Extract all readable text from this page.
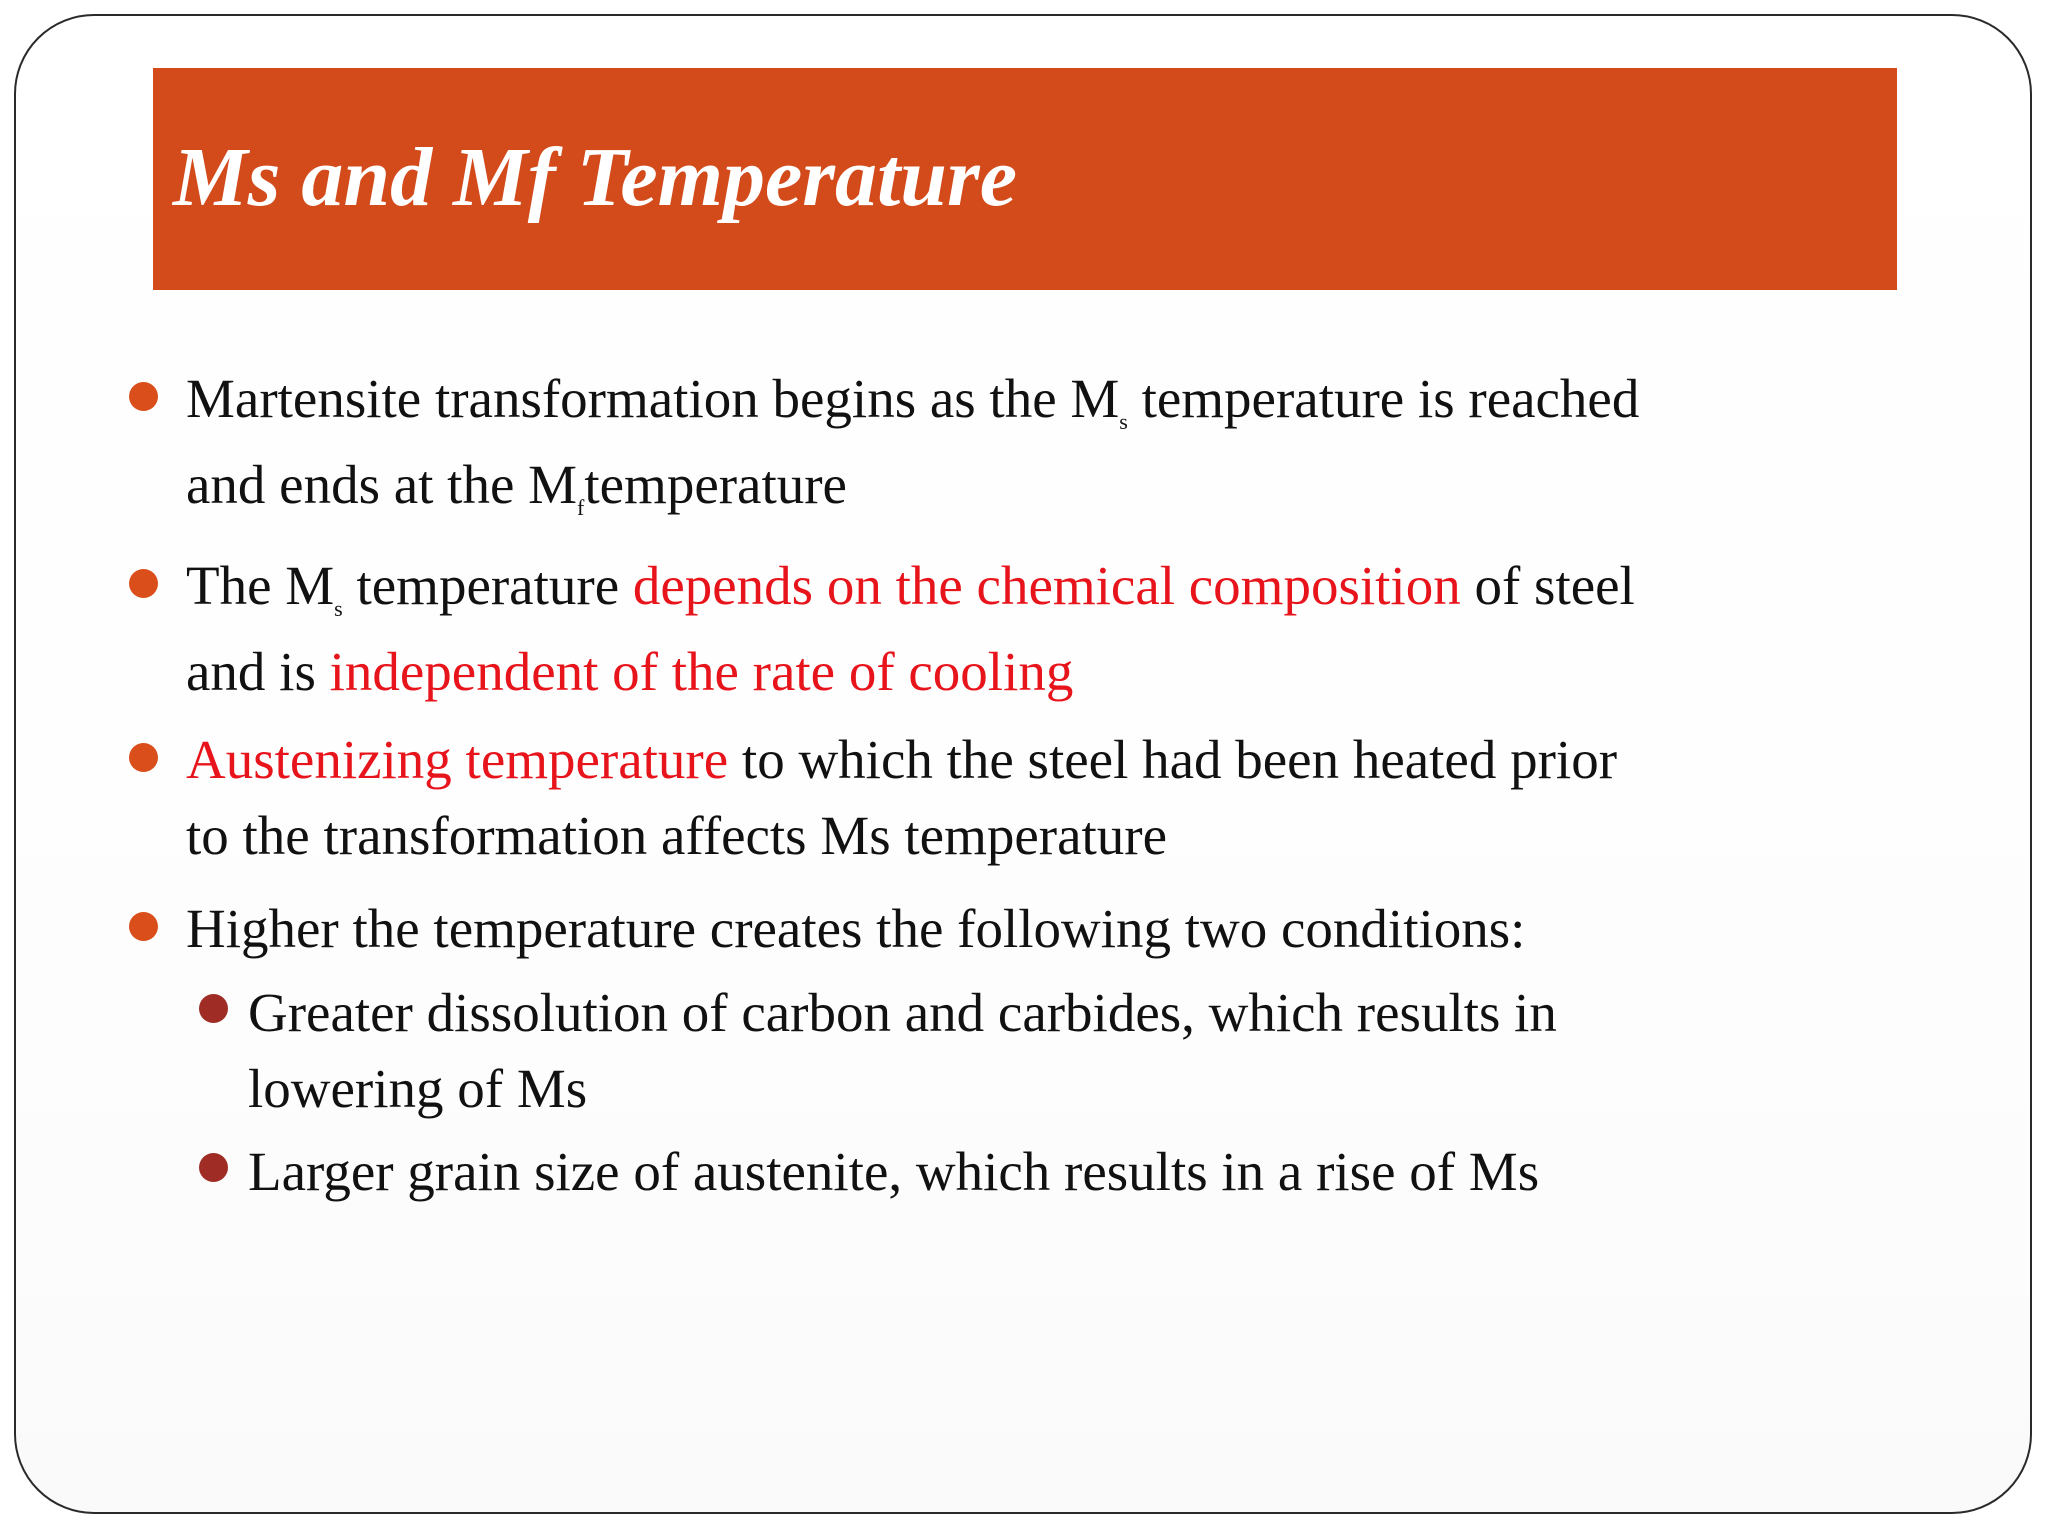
Ms and Mf Temperature
Martensite transformation begins as the $M_s$ temperature is reached
and ends at the $M_ftemperature$
The $M_s$ temperature depends on the chemical composition of steel
and is independent of the rate of cooling
Austenizing temperature to which the steel had been heated prior
to the transformation affects Ms temperature
Higher the temperature creates the following two conditions:
Greater dissolution of carbon and carbides, which results in
lowering of Ms
Larger grain size of austenite, which results in a rise of Ms
